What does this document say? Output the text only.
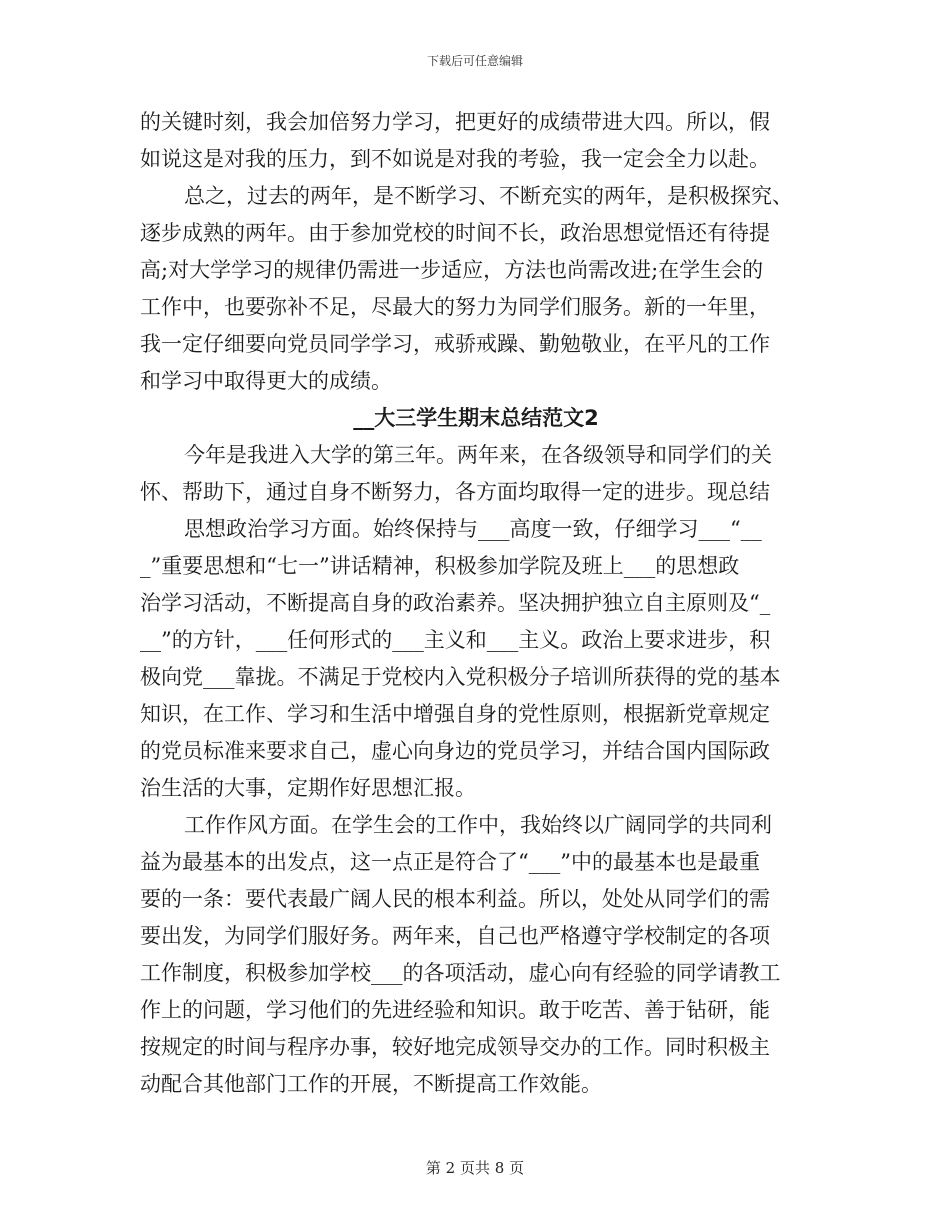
下载后可任意编辑
的关键时刻，我会加倍努力学习，把更好的成绩带进大四。所以，假
如说这是对我的压力，到不如说是对我的考验，我一定会全力以赴。
总之，过去的两年，是不断学习、不断充实的两年，是积极探究、
逐步成熟的两年。由于参加党校的时间不长，政治思想觉悟还有待提
高;对大学学习的规律仍需进一步适应，方法也尚需改进;在学生会的
工作中，也要弥补不足，尽最大的努力为同学们服务。新的一年里，
我一定仔细要向党员同学学习，戒骄戒躁、勤勉敬业，在平凡的工作
和学习中取得更大的成绩。
__大三学生期末总结范文2
今年是我进入大学的第三年。两年来，在各级领导和同学们的关
怀、帮助下，通过自身不断努力，各方面均取得一定的进步。现总结
思想政治学习方面。始终保持与___高度一致，仔细学习___“__
_”重要思想和“七一”讲话精神，积极参加学院及班上___的思想政
治学习活动，不断提高自身的政治素养。坚决拥护独立自主原则及“_
__”的方针，___任何形式的___主义和___主义。政治上要求进步，积
极向党___靠拢。不满足于党校内入党积极分子培训所获得的党的基本
知识，在工作、学习和生活中增强自身的党性原则，根据新党章规定
的党员标准来要求自己，虚心向身边的党员学习，并结合国内国际政
治生活的大事，定期作好思想汇报。
工作作风方面。在学生会的工作中，我始终以广阔同学的共同利
益为最基本的出发点，这一点正是符合了“___”中的最基本也是最重
要的一条：要代表最广阔人民的根本利益。所以，处处从同学们的需
要出发，为同学们服好务。两年来，自己也严格遵守学校制定的各项
工作制度，积极参加学校___的各项活动，虚心向有经验的同学请教工
作上的问题，学习他们的先进经验和知识。敢于吃苦、善于钻研，能
按规定的时间与程序办事，较好地完成领导交办的工作。同时积极主
动配合其他部门工作的开展，不断提高工作效能。
第 2 页共 8 页
